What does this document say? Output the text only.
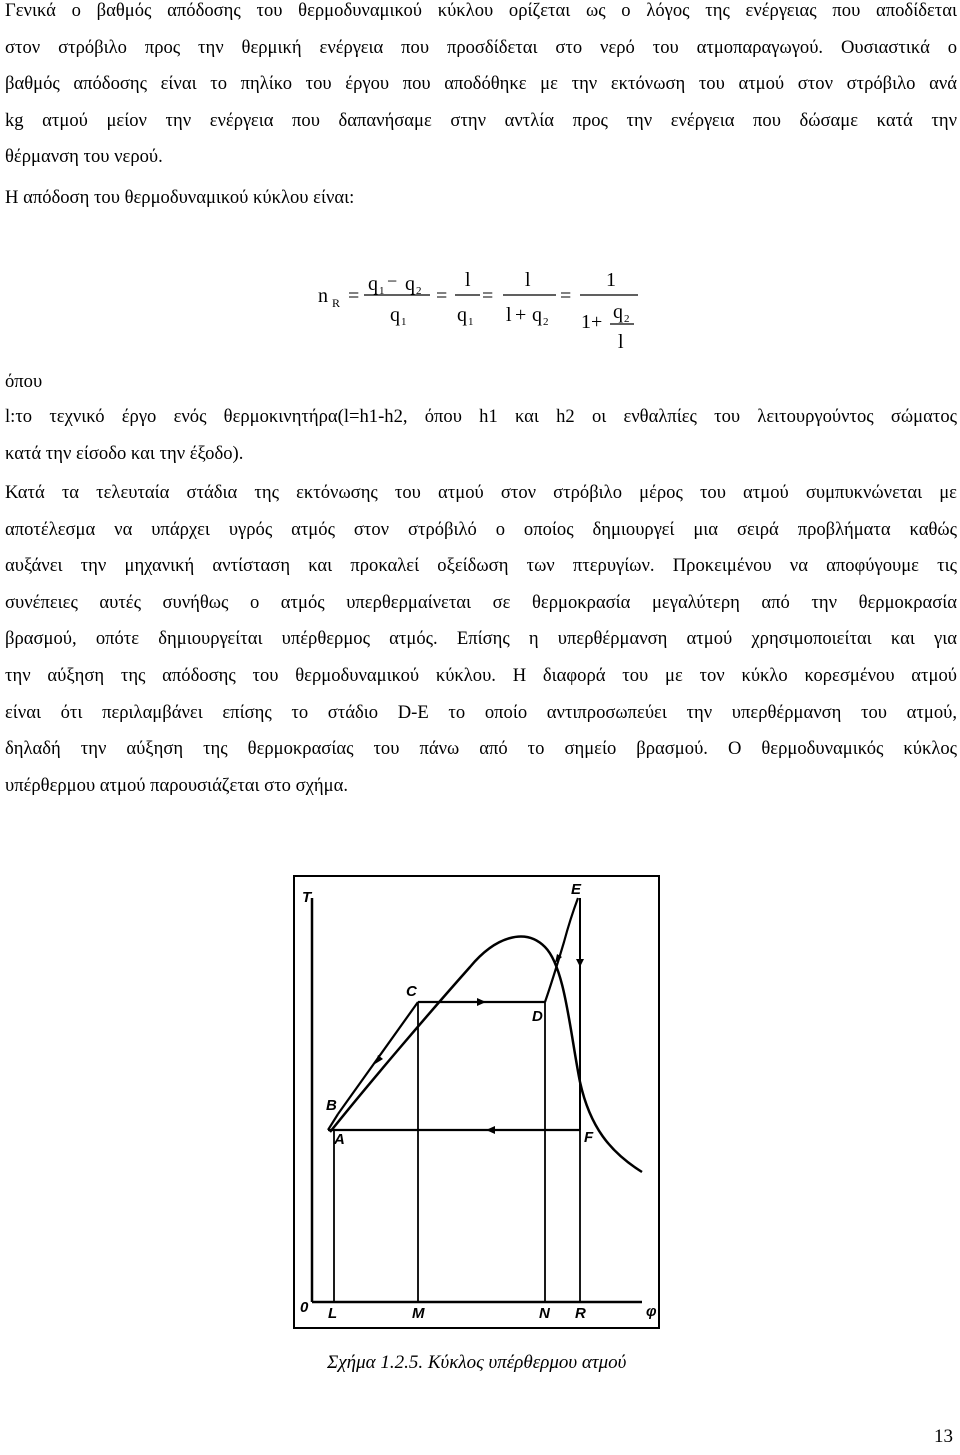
Γενικά ο βαθμός απόδοσης του θερμοδυναμικού κύκλου ορίζεται ως ο λόγος της ενέργειας που αποδίδεται
στον στρόβιλο προς την θερμική ενέργεια που προσδίδεται στο νερό του ατμοπαραγωγού. Ουσιαστικά ο
βαθμός απόδοσης είναι το πηλίκο του έργου που αποδόθηκε με την εκτόνωση του ατμού στον στρόβιλο ανά
kg ατμού μείον την ενέργεια που δαπανήσαμε στην αντλία προς την ενέργεια που δώσαμε κατά την
θέρμανση του νερού.
Η απόδοση του θερμοδυναμικού κύκλου είναι:
n R =
q 1 − q 2
q 1
=
l
q 1
=
l
l + q 2
=
1
1 + q 2
l
όπου
l:το τεχνικό έργο ενός θερμοκινητήρα(l=h1-h2, όπου h1 και h2 οι ενθαλπίες του λειτουργούντος σώματος
κατά την είσοδο και την έξοδο).
Κατά τα τελευταία στάδια της εκτόνωσης του ατμού στον στρόβιλο μέρος του ατμού συμπυκνώνεται με
αποτέλεσμα να υπάρχει υγρός ατμός στον στρόβιλό ο οποίος δημιουργεί μια σειρά προβλήματα καθώς
αυξάνει την μηχανική αντίσταση και προκαλεί οξείδωση των πτερυγίων. Προκειμένου να αποφύγουμε τις
συνέπειες αυτές συνήθως ο ατμός υπερθερμαίνεται σε θερμοκρασία μεγαλύτερη από την θερμοκρασία
βρασμού, οπότε δημιουργείται υπέρθερμος ατμός. Επίσης η υπερθέρμανση ατμού χρησιμοποιείται και για
την αύξηση της απόδοσης του θερμοδυναμικού κύκλου. Η διαφορά του με τον κύκλο κορεσμένου ατμού
είναι ότι περιλαμβάνει επίσης το στάδιο D-E το οποίο αντιπροσωπεύει την υπερθέρμανση του ατμού,
δηλαδή την αύξηση της θερμοκρασίας του πάνω από το σημείο βρασμού. Ο θερμοδυναμικός κύκλος
υπέρθερμου ατμού παρουσιάζεται στο σχήμα.
T
0	φ
A
B
C
D
E
F
L	M	N R
Σχήμα 1.2.5. Κύκλος υπέρθερμου ατμού
13
